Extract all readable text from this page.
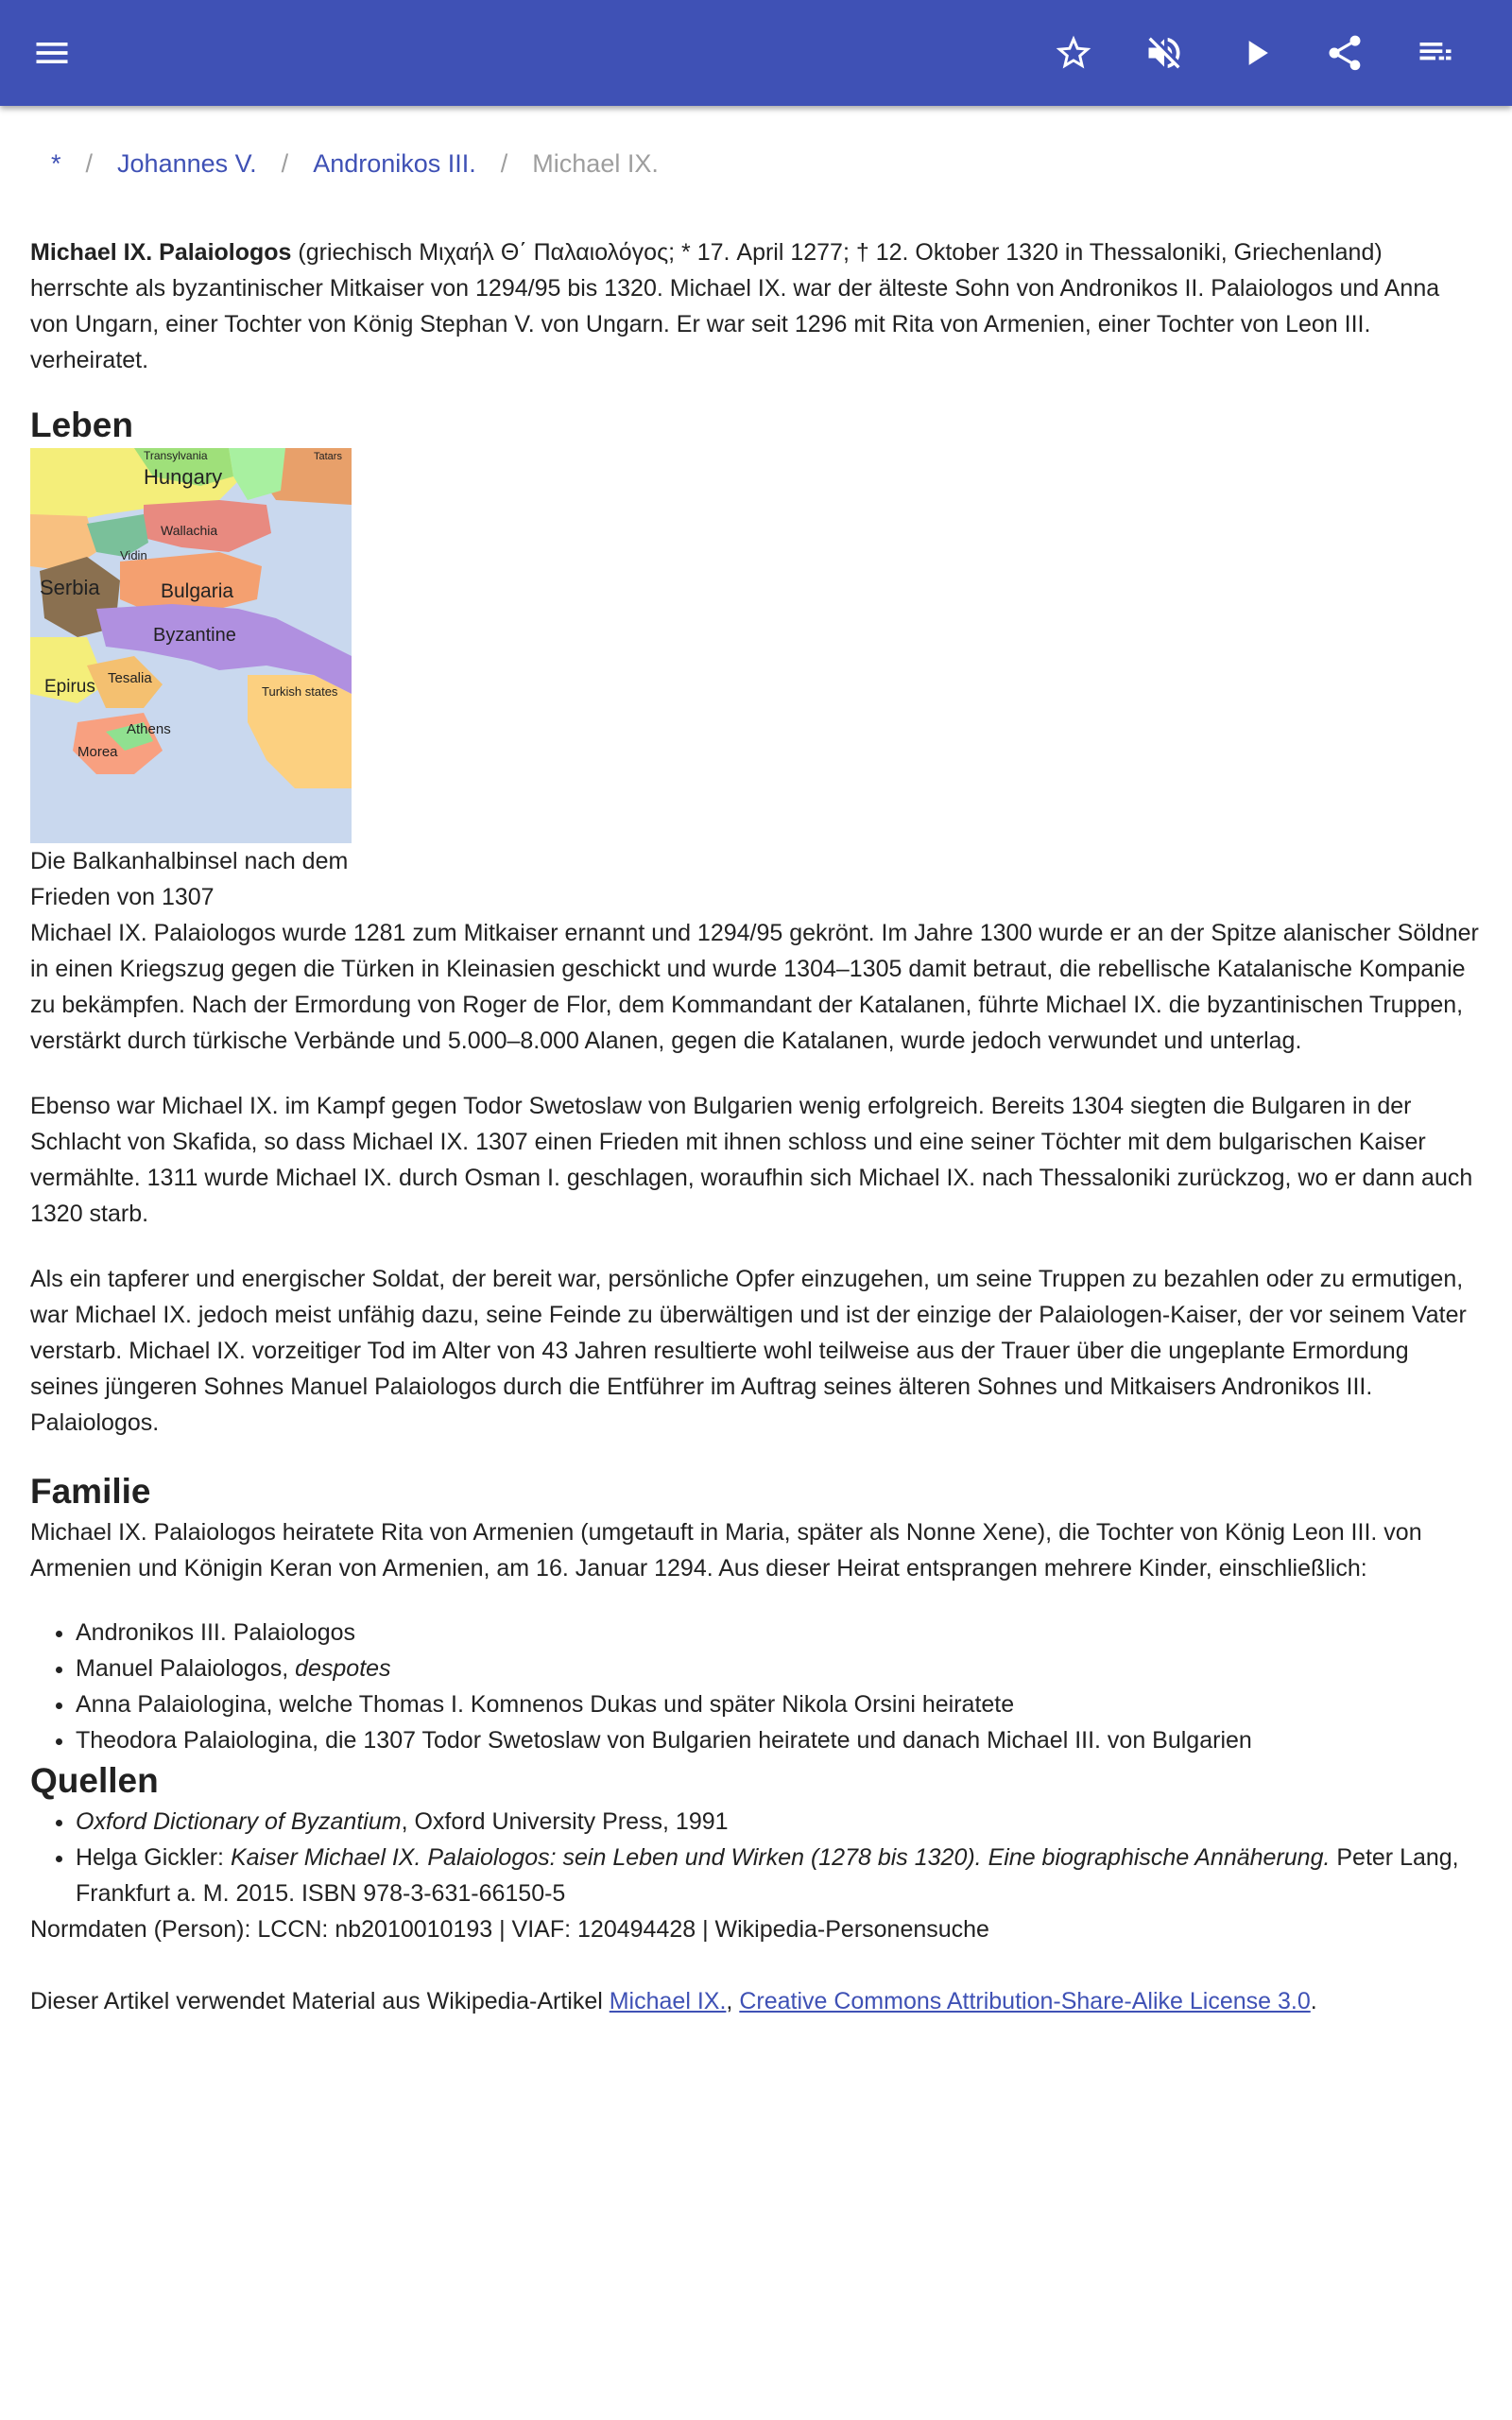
* / Johannes V. / Andronikos III. / Michael IX.

Michael IX. Palaiologos (griechisch Μιχαήλ Θ΄ Παλαιολόγος; * 17. April 1277; † 12. Oktober 1320 in Thessaloniki, Griechenland) herrschte als byzantinischer Mitkaiser von 1294/95 bis 1320. Michael IX. war der älteste Sohn von Andronikos II. Palaiologos und Anna von Ungarn, einer Tochter von König Stephan V. von Ungarn. Er war seit 1296 mit Rita von Armenien, einer Tochter von Leon III. verheiratet.

Leben
Hungary
Transylvania	Tatars
Wallachia
Vidin
Serbia	Bulgaria
Byzantine
Epirus Tesalia
Turkish states
Athens
Morea
Die Balkanhalbinsel nach dem Frieden von 1307

Michael IX. Palaiologos wurde 1281 zum Mitkaiser ernannt und 1294/95 gekrönt. Im Jahre 1300 wurde er an der Spitze alanischer Söldner in einen Kriegszug gegen die Türken in Kleinasien geschickt und wurde 1304–1305 damit betraut, die rebellische Katalanische Kompanie zu bekämpfen. Nach der Ermordung von Roger de Flor, dem Kommandant der Katalanen, führte Michael IX. die byzantinischen Truppen, verstärkt durch türkische Verbände und 5.000–8.000 Alanen, gegen die Katalanen, wurde jedoch verwundet und unterlag.

Ebenso war Michael IX. im Kampf gegen Todor Swetoslaw von Bulgarien wenig erfolgreich. Bereits 1304 siegten die Bulgaren in der Schlacht von Skafida, so dass Michael IX. 1307 einen Frieden mit ihnen schloss und eine seiner Töchter mit dem bulgarischen Kaiser vermählte. 1311 wurde Michael IX. durch Osman I. geschlagen, woraufhin sich Michael IX. nach Thessaloniki zurückzog, wo er dann auch 1320 starb.

Als ein tapferer und energischer Soldat, der bereit war, persönliche Opfer einzugehen, um seine Truppen zu bezahlen oder zu ermutigen, war Michael IX. jedoch meist unfähig dazu, seine Feinde zu überwältigen und ist der einzige der Palaiologen-Kaiser, der vor seinem Vater verstarb. Michael IX. vorzeitiger Tod im Alter von 43 Jahren resultierte wohl teilweise aus der Trauer über die ungeplante Ermordung seines jüngeren Sohnes Manuel Palaiologos durch die Entführer im Auftrag seines älteren Sohnes und Mitkaisers Andronikos III. Palaiologos.

Familie

Michael IX. Palaiologos heiratete Rita von Armenien (umgetauft in Maria, später als Nonne Xene), die Tochter von König Leon III. von Armenien und Königin Keran von Armenien, am 16. Januar 1294. Aus dieser Heirat entsprangen mehrere Kinder, einschließlich:

• Andronikos III. Palaiologos
• Manuel Palaiologos, despotes
• Anna Palaiologina, welche Thomas I. Komnenos Dukas und später Nikola Orsini heiratete
• Theodora Palaiologina, die 1307 Todor Swetoslaw von Bulgarien heiratete und danach Michael III. von Bulgarien
Quellen
• Oxford Dictionary of Byzantium, Oxford University Press, 1991
• Helga Gickler: Kaiser Michael IX. Palaiologos: sein Leben und Wirken (1278 bis 1320). Eine biographische Annäherung. Peter Lang, Frankfurt a. M. 2015. ISBN 978-3-631-66150-5

Normdaten (Person): LCCN: nb2010010193 | VIAF: 120494428 | Wikipedia-Personensuche

Dieser Artikel verwendet Material aus Wikipedia-Artikel Michael IX., Creative Commons Attribution-Share-Alike License 3.0.
